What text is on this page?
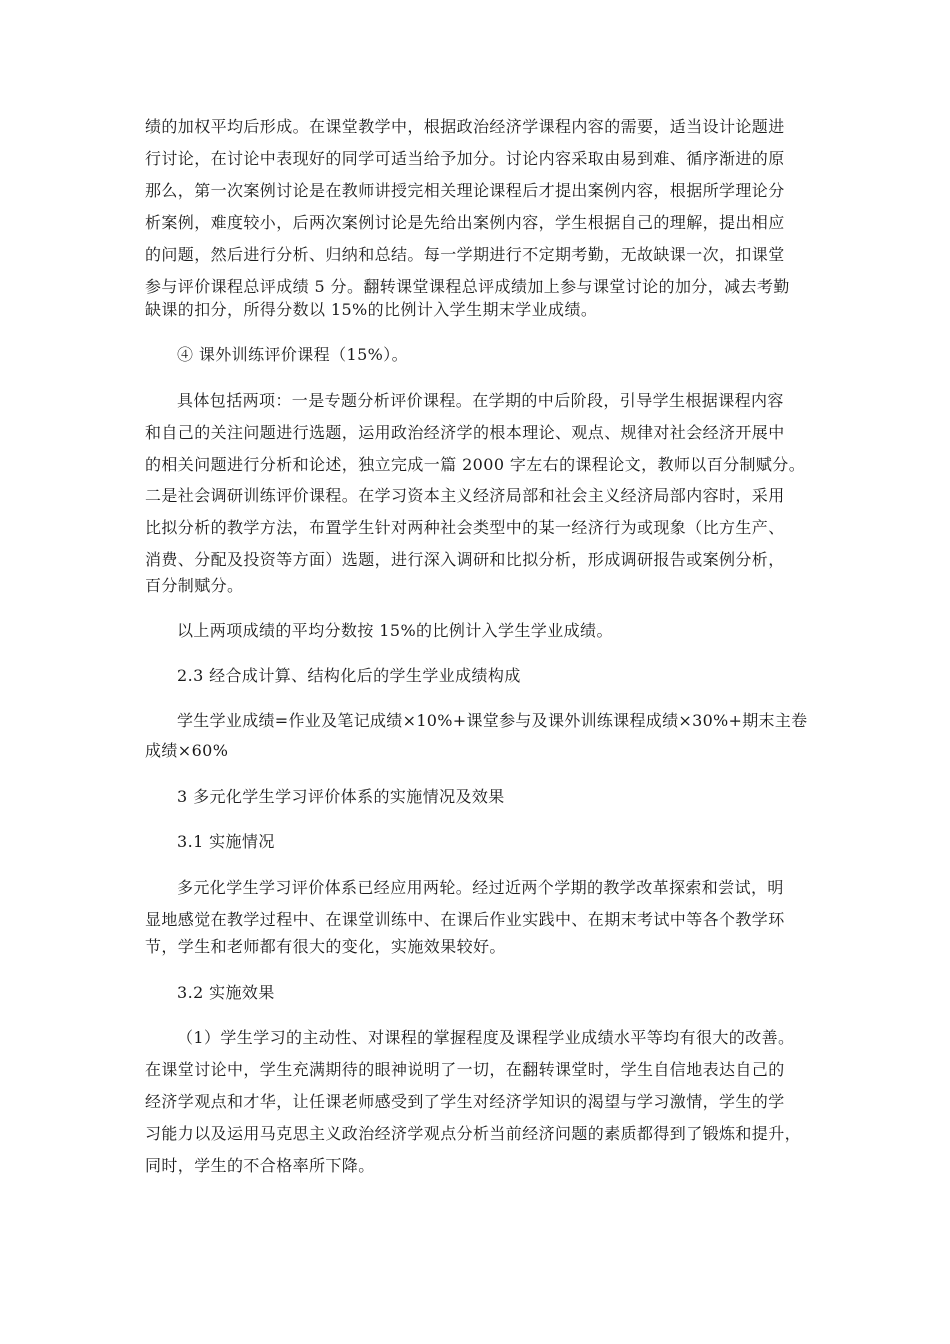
绩的加权平均后形成。在课堂教学中，根据政治经济学课程内容的需要，适当设计论题进
行讨论，在讨论中表现好的同学可适当给予加分。讨论内容采取由易到难、循序渐进的原
那么，第一次案例讨论是在教师讲授完相关理论课程后才提出案例内容，根据所学理论分
析案例，难度较小，后两次案例讨论是先给出案例内容，学生根据自己的理解，提出相应
的问题，然后进行分析、归纳和总结。每一学期进行不定期考勤，无故缺课一次，扣课堂
参与评价课程总评成绩 5 分。翻转课堂课程总评成绩加上参与课堂讨论的加分，减去考勤
缺课的扣分，所得分数以 15%的比例计入学生期末学业成绩。
④ 课外训练评价课程（15%）。
具体包括两项：一是专题分析评价课程。在学期的中后阶段，引导学生根据课程内容
和自己的关注问题进行选题，运用政治经济学的根本理论、观点、规律对社会经济开展中
的相关问题进行分析和论述，独立完成一篇 2000 字左右的课程论文，教师以百分制赋分。
二是社会调研训练评价课程。在学习资本主义经济局部和社会主义经济局部内容时，采用
比拟分析的教学方法，布置学生针对两种社会类型中的某一经济行为或现象（比方生产、
消费、分配及投资等方面）选题，进行深入调研和比拟分析，形成调研报告或案例分析，
百分制赋分。
以上两项成绩的平均分数按 15%的比例计入学生学业成绩。
2.3 经合成计算、结构化后的学生学业成绩构成
学生学业成绩=作业及笔记成绩×10%+课堂参与及课外训练课程成绩×30%+期末主卷
成绩×60%
3 多元化学生学习评价体系的实施情况及效果
3.1 实施情况
多元化学生学习评价体系已经应用两轮。经过近两个学期的教学改革探索和尝试，明
显地感觉在教学过程中、在课堂训练中、在课后作业实践中、在期末考试中等各个教学环
节，学生和老师都有很大的变化，实施效果较好。
3.2 实施效果
（1）学生学习的主动性、对课程的掌握程度及课程学业成绩水平等均有很大的改善。
在课堂讨论中，学生充满期待的眼神说明了一切，在翻转课堂时，学生自信地表达自己的
经济学观点和才华，让任课老师感受到了学生对经济学知识的渴望与学习激情，学生的学
习能力以及运用马克思主义政治经济学观点分析当前经济问题的素质都得到了锻炼和提升，
同时，学生的不合格率所下降。
